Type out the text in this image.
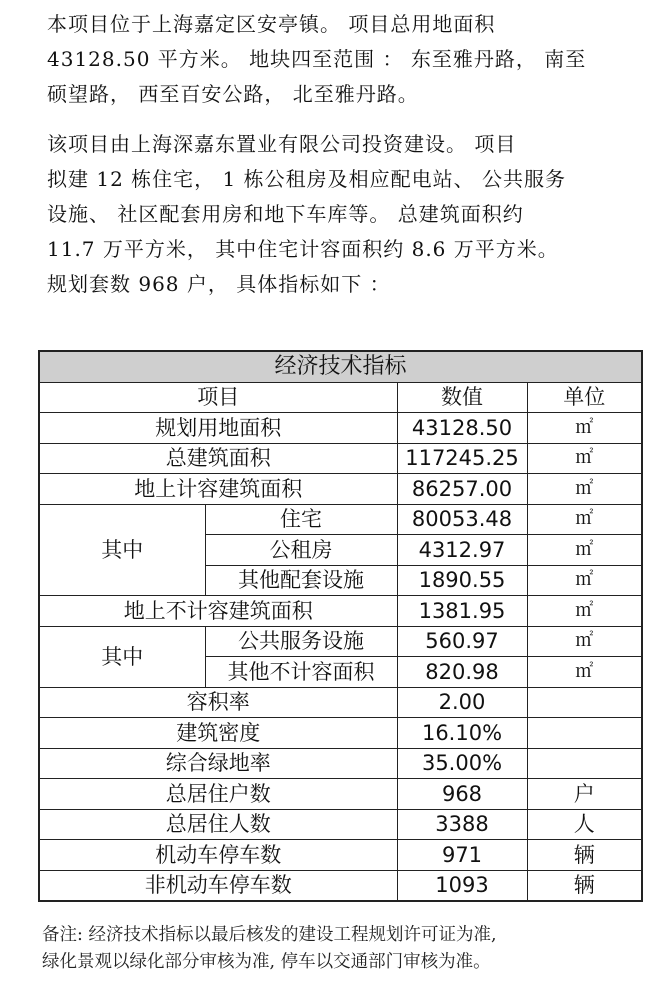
本项目位于上海嘉定区安亭镇。 项目总用地面积
43128.50 平方米。 地块四至范围 ： 东至雅丹路， 南至
硕望路， 西至百安公路， 北至雅丹路。

该项目由上海深嘉东置业有限公司投资建设。 项目
拟建 12 栋住宅， 1 栋公租房及相应配电站、 公共服务
设施、 社区配套用房和地下车库等。 总建筑面积约
11.7 万平方米， 其中住宅计容面积约 8.6 万平方米。
规划套数 968 户， 具体指标如下 ：

经济技术指标			
项目		数值	单位
规划用地面积		43128.50	㎡
总建筑面积		117245.25	㎡
地上计容建筑面积		86257.00	㎡
其中	住宅	80053.48	㎡
	公租房	4312.97	㎡
	其他配套设施	1890.55	㎡
地上不计容建筑面积		1381.95	㎡
其中	公共服务设施	560.97	㎡
	其他不计容面积	820.98	㎡
容积率		2.00	
建筑密度		16.10%	
综合绿地率		35.00%	
总居住户数		968	户
总居住人数		3388	人
机动车停车数		971	辆
非机动车停车数		1093	辆

备注: 经济技术指标以最后核发的建设工程规划许可证为准,
绿化景观以绿化部分审核为准, 停车以交通部门审核为准。
